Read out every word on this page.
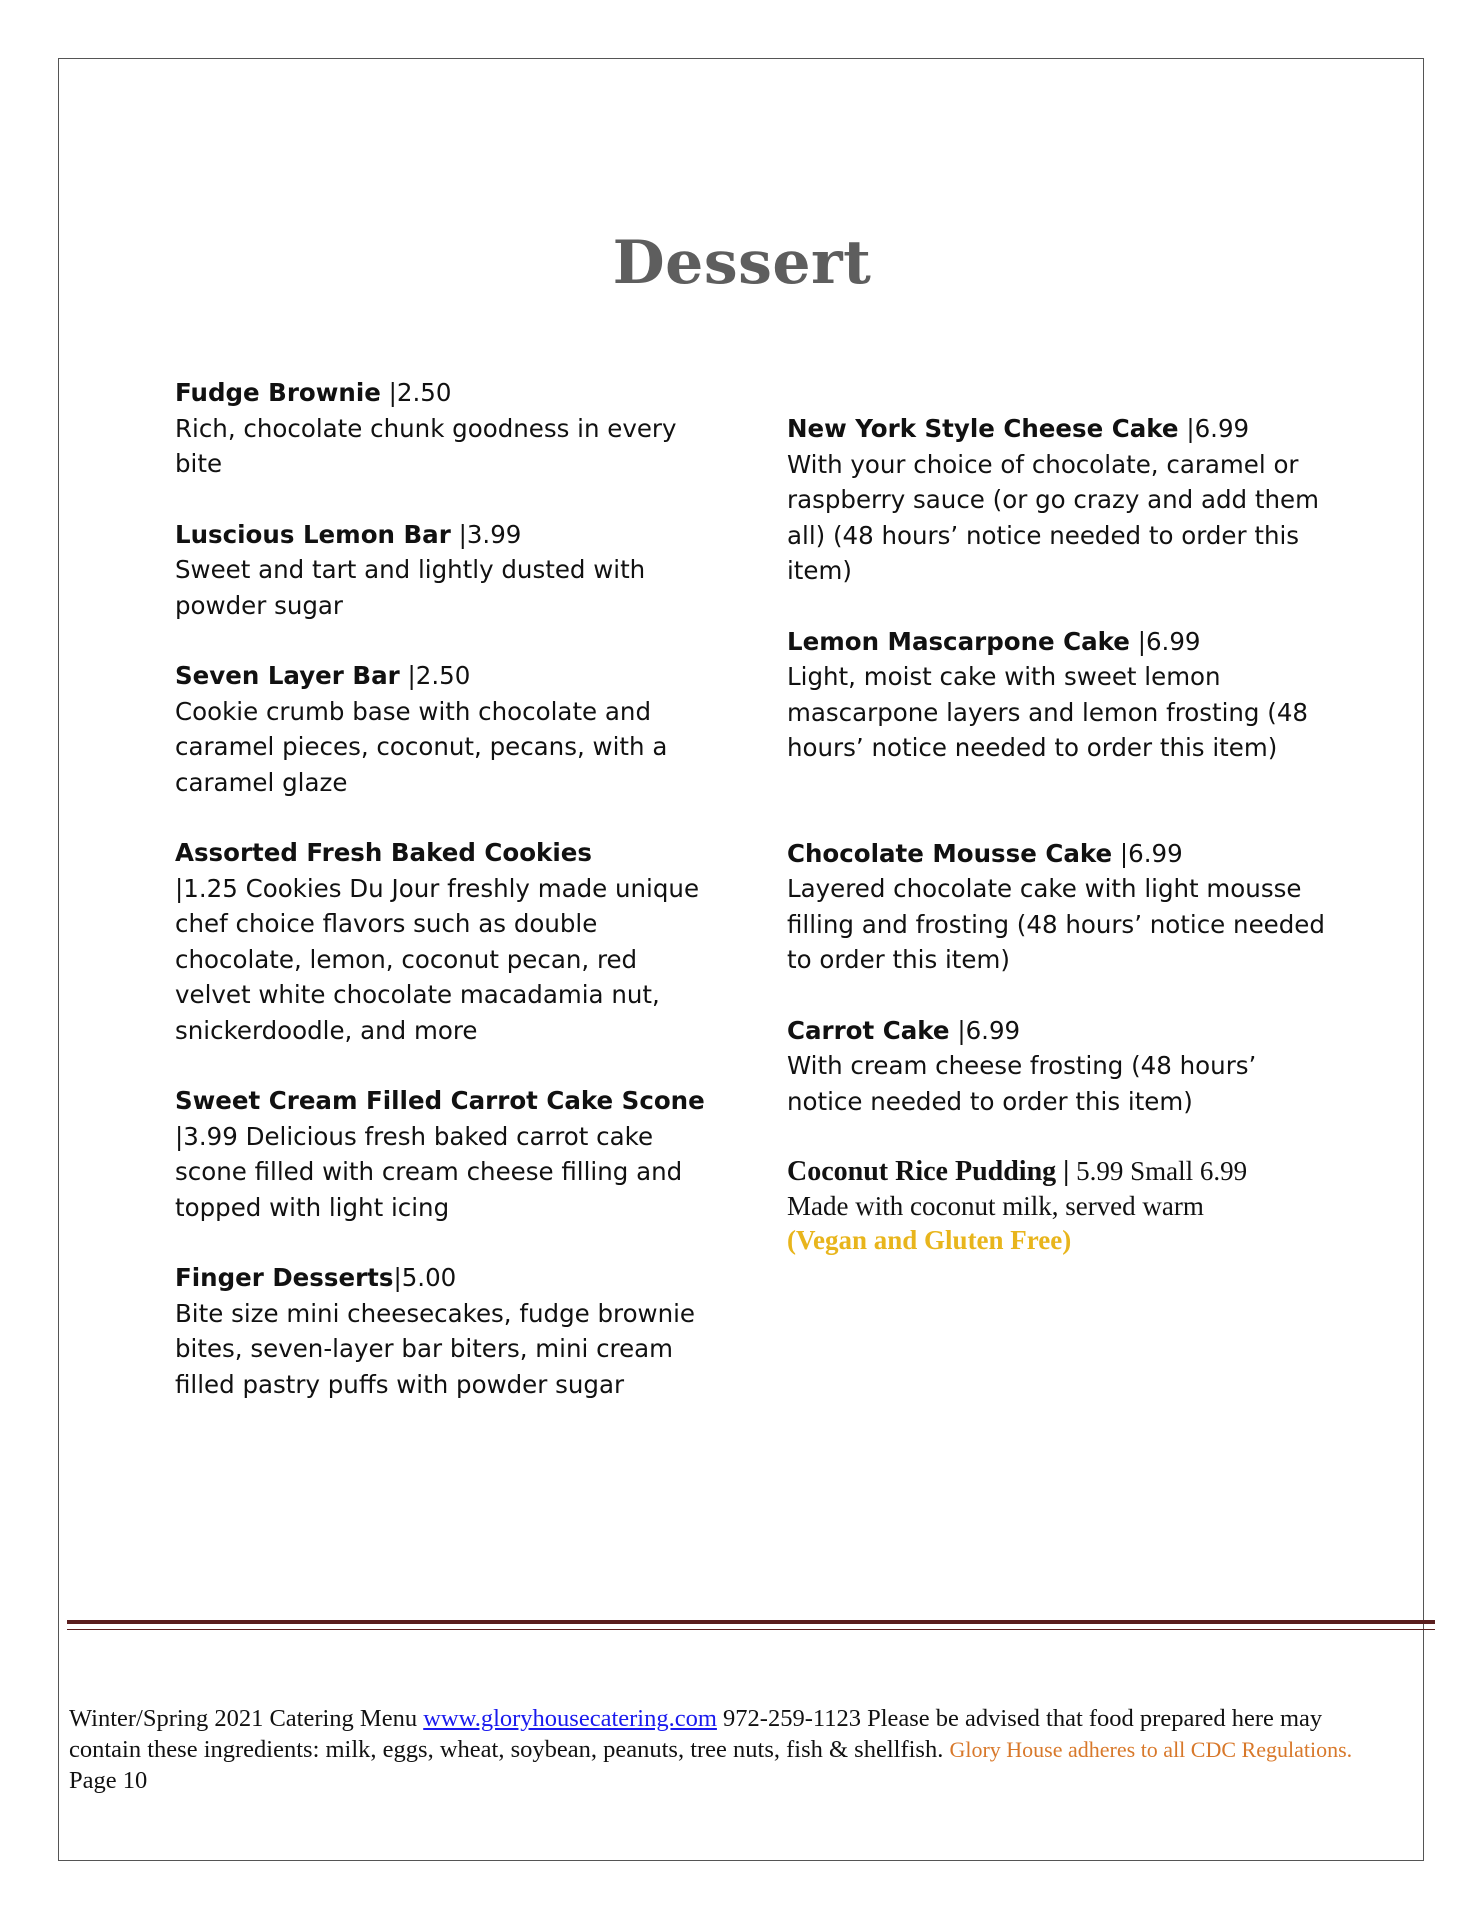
Dessert
Fudge Brownie |2.50
Rich, chocolate chunk goodness in every bite
Luscious Lemon Bar |3.99
Sweet and tart and lightly dusted with powder sugar
Seven Layer Bar |2.50
Cookie crumb base with chocolate and caramel pieces, coconut, pecans, with a caramel glaze
Assorted Fresh Baked Cookies
|1.25 Cookies Du Jour freshly made unique chef choice flavors such as double chocolate, lemon, coconut pecan, red velvet white chocolate macadamia nut, snickerdoodle, and more
Sweet Cream Filled Carrot Cake Scone
|3.99 Delicious fresh baked carrot cake scone filled with cream cheese filling and topped with light icing
Finger Desserts|5.00
Bite size mini cheesecakes, fudge brownie bites, seven-layer bar biters, mini cream filled pastry puffs with powder sugar
New York Style Cheese Cake |6.99
With your choice of chocolate, caramel or raspberry sauce (or go crazy and add them all) (48 hours’ notice needed to order this item)
Lemon Mascarpone Cake |6.99
Light, moist cake with sweet lemon mascarpone layers and lemon frosting (48 hours’ notice needed to order this item)
Chocolate Mousse Cake |6.99
Layered chocolate cake with light mousse filling and frosting (48 hours’ notice needed to order this item)
Carrot Cake |6.99
With cream cheese frosting (48 hours’ notice needed to order this item)
Coconut Rice Pudding | 5.99 Small 6.99
Made with coconut milk, served warm
(Vegan and Gluten Free)
Winter/Spring 2021 Catering Menu www.gloryhousecatering.com 972-259-1123 Please be advised that food prepared here may contain these ingredients: milk, eggs, wheat, soybean, peanuts, tree nuts, fish & shellfish. Glory House adheres to all CDC Regulations. Page 10
